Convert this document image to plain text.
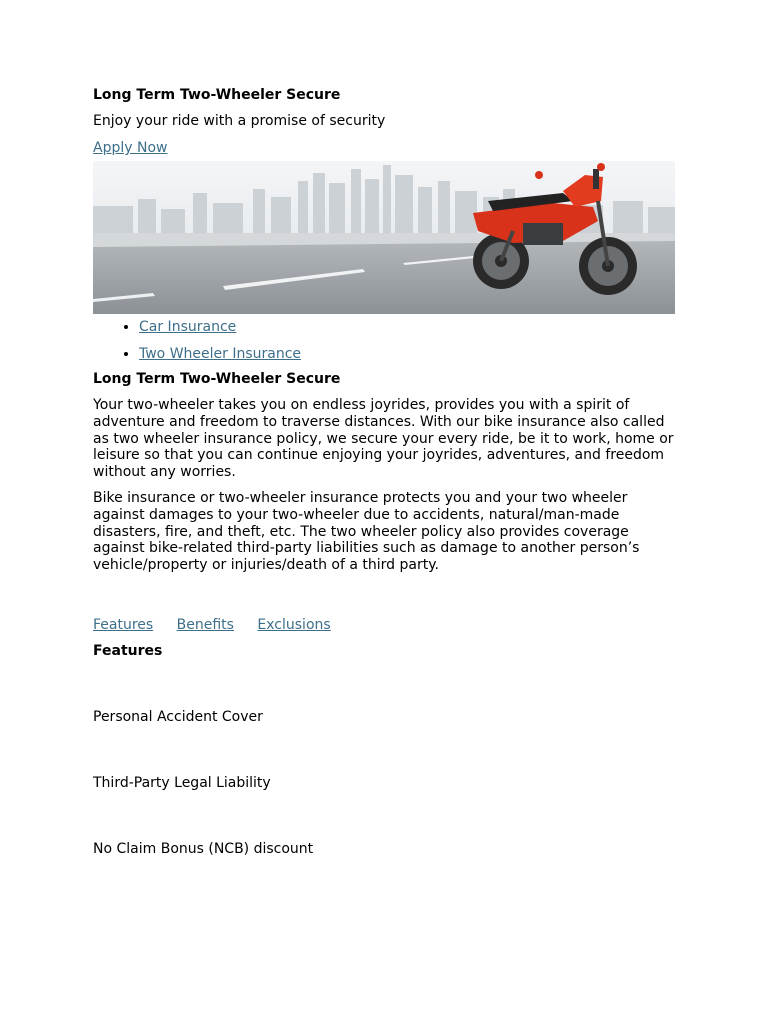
Long Term Two-Wheeler Secure
Enjoy your ride with a promise of security
Apply Now
• Car Insurance
• Two Wheeler Insurance
Long Term Two-Wheeler Secure

Your two-wheeler takes you on endless joyrides, provides you with a spirit of adventure and freedom to traverse distances. With our bike insurance also called as two wheeler insurance policy, we secure your every ride, be it to work, home or leisure so that you can continue enjoying your joyrides, adventures, and freedom without any worries.

Bike insurance or two-wheeler insurance protects you and your two wheeler against damages to your two-wheeler due to accidents, natural/man-made disasters, fire, and theft, etc. The two wheeler policy also provides coverage against bike-related third-party liabilities such as damage to another person’s vehicle/property or injuries/death of a third party.

Features Benefits Exclusions
Features
Personal Accident Cover
Third-Party Legal Liability
No Claim Bonus (NCB) discount
